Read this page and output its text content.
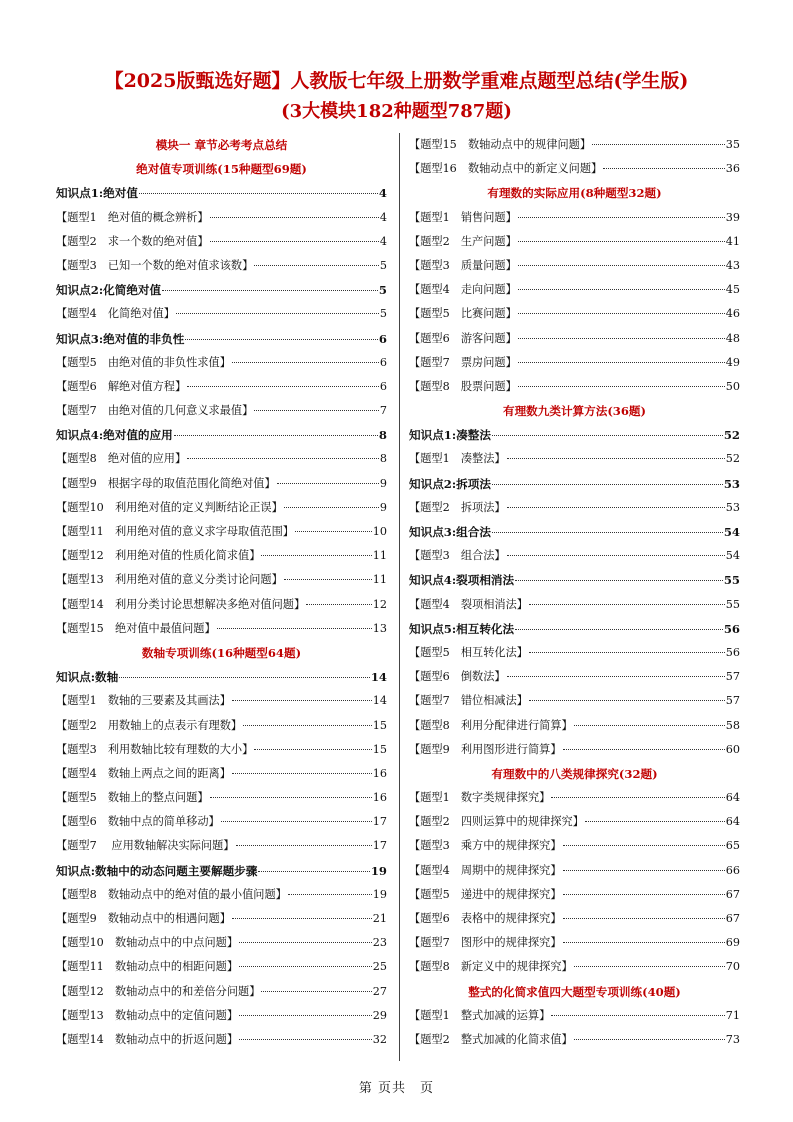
【2025版甄选好题】人教版七年级上册数学重难点题型总结(学生版)
(3大模块182种题型787题)
模块一 章节必考考点总结
绝对值专项训练(15种题型69题)
知识点1:绝对值	4
【题型1　绝对值的概念辨析】	4
【题型2　求一个数的绝对值】	4
【题型3　已知一个数的绝对值求该数】	5
知识点2:化简绝对值	5
【题型4　化简绝对值】	5
知识点3:绝对值的非负性	6
【题型5　由绝对值的非负性求值】	6
【题型6　解绝对值方程】	6
【题型7　由绝对值的几何意义求最值】	7
知识点4:绝对值的应用	8
【题型8　绝对值的应用】	8
【题型9　根据字母的取值范围化简绝对值】	9
【题型10　利用绝对值的定义判断结论正误】	9
【题型11　利用绝对值的意义求字母取值范围】	10
【题型12　利用绝对值的性质化简求值】	11
【题型13　利用绝对值的意义分类讨论问题】	11
【题型14　利用分类讨论思想解决多绝对值问题】	12
【题型15　绝对值中最值问题】	13
数轴专项训练(16种题型64题)
知识点:数轴	14
【题型1　数轴的三要素及其画法】	14
【题型2　用数轴上的点表示有理数】	15
【题型3　利用数轴比较有理数的大小】	15
【题型4　数轴上两点之间的距离】	16
【题型5　数轴上的整点问题】	16
【题型6　数轴中点的简单移动】	17
【题型7　 应用数轴解决实际问题】	17
知识点:数轴中的动态问题主要解题步骤	19
【题型8　数轴动点中的绝对值的最小值问题】	19
【题型9　数轴动点中的相遇问题】	21
【题型10　数轴动点中的中点问题】	23
【题型11　数轴动点中的相距问题】	25
【题型12　数轴动点中的和差倍分问题】	27
【题型13　数轴动点中的定值问题】	29
【题型14　数轴动点中的折返问题】	32
【题型15　数轴动点中的规律问题】	35
【题型16　数轴动点中的新定义问题】	36
有理数的实际应用(8种题型32题)
【题型1　销售问题】	39
【题型2　生产问题】	41
【题型3　质量问题】	43
【题型4　走向问题】	45
【题型5　比赛问题】	46
【题型6　游客问题】	48
【题型7　票房问题】	49
【题型8　股票问题】	50
有理数九类计算方法(36题)
知识点1:凑整法	52
【题型1　凑整法】	52
知识点2:拆项法	53
【题型2　拆项法】	53
知识点3:组合法	54
【题型3　组合法】	54
知识点4:裂项相消法	55
【题型4　裂项相消法】	55
知识点5:相互转化法	56
【题型5　相互转化法】	56
【题型6　倒数法】	57
【题型7　错位相减法】	57
【题型8　利用分配律进行简算】	58
【题型9　利用图形进行简算】	60
有理数中的八类规律探究(32题)
【题型1　数字类规律探究】	64
【题型2　四则运算中的规律探究】	64
【题型3　乘方中的规律探究】	65
【题型4　周期中的规律探究】	66
【题型5　递进中的规律探究】	67
【题型6　表格中的规律探究】	67
【题型7　图形中的规律探究】	69
【题型8　新定义中的规律探究】	70
整式的化简求值四大题型专项训练(40题)
【题型1　整式加减的运算】	71
【题型2　整式加减的化简求值】	73
第 页共　页
